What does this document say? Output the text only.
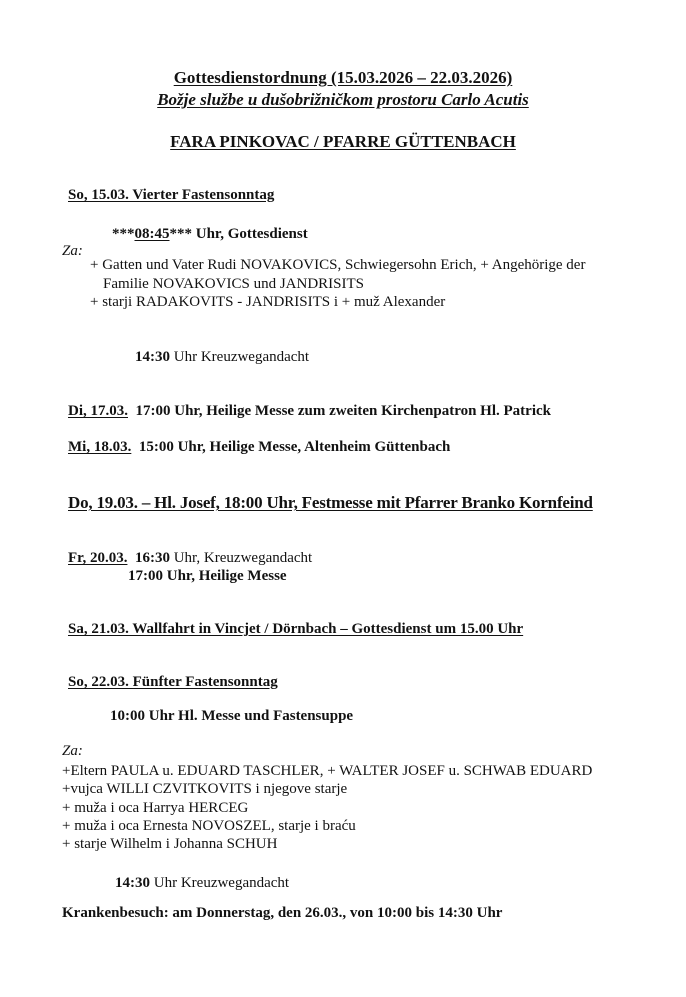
Gottesdienstordnung (15.03.2026 – 22.03.2026)
Božje službe u dušobrižničkom prostoru Carlo Acutis
FARA PINKOVAC / PFARRE GÜTTENBACH
So, 15.03. Vierter Fastensonntag
***08:45*** Uhr, Gottesdienst
Za:
+ Gatten und Vater Rudi NOVAKOVICS, Schwiegersohn Erich, + Angehörige der
Familie NOVAKOVICS und JANDRISITS
+ starji RADAKOVITS - JANDRISITS i + muž Alexander
14:30 Uhr Kreuzwegandacht
Di, 17.03.  17:00 Uhr, Heilige Messe zum zweiten Kirchenpatron Hl. Patrick
Mi, 18.03.  15:00 Uhr, Heilige Messe, Altenheim Güttenbach
Do, 19.03. – Hl. Josef, 18:00 Uhr, Festmesse mit Pfarrer Branko Kornfeind
Fr, 20.03.  16:30 Uhr, Kreuzwegandacht
17:00 Uhr, Heilige Messe
Sa, 21.03. Wallfahrt in Vincjet / Dörnbach – Gottesdienst um 15.00 Uhr
So, 22.03. Fünfter Fastensonntag
10:00 Uhr Hl. Messe und Fastensuppe
Za:
+Eltern PAULA u. EDUARD TASCHLER, + WALTER JOSEF u. SCHWAB EDUARD
+vujca WILLI CZVITKOVITS i njegove starje
+ muža i oca Harrya HERCEG
+ muža i oca Ernesta NOVOSZEL, starje i braću
+ starje Wilhelm i Johanna SCHUH
14:30 Uhr Kreuzwegandacht
Krankenbesuch: am Donnerstag, den 26.03., von 10:00 bis 14:30 Uhr
